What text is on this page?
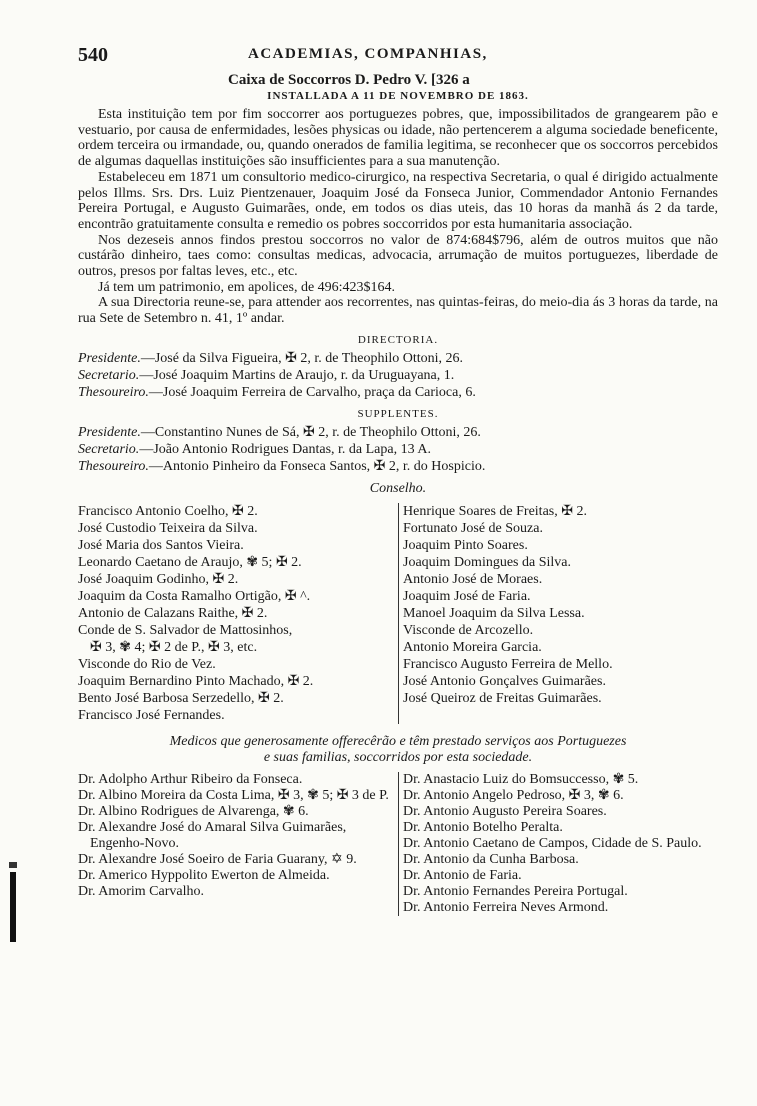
540	ACADEMIAS, COMPANHIAS,
Caixa de Soccorros D. Pedro V. [326 a
INSTALLADA A 11 DE NOVEMBRO DE 1863.

Esta instituição tem por fim soccorrer aos portuguezes pobres, que, impossibilitados de grangearem pão e vestuario, por causa de enfermidades, lesões physicas ou idade, não pertencerem a alguma sociedade beneficente, ordem terceira ou irmandade, ou, quando onerados de familia legitima, se reconhecer que os soccorros percebidos de algumas daquellas instituições são insufficientes para a sua manutenção.

Estabeleceu em 1871 um consultorio medico-cirurgico, na respectiva Secretaria, o qual é dirigido actualmente pelos Illms. Srs. Drs. Luiz Pientzenauer, Joaquim José da Fonseca Junior, Commendador Antonio Fernandes Pereira Portugal, e Augusto Guimarães, onde, em todos os dias uteis, das 10 horas da manhã ás 2 da tarde, encontrão gratuitamente consulta e remedio os pobres soccorridos por esta humanitaria associação.

Nos dezeseis annos findos prestou soccorros no valor de 874:684$796, além de outros muitos que não custárão dinheiro, taes como: consultas medicas, advocacia, arrumação de muitos portuguezes, liberdade de outros, presos por faltas leves, etc., etc.

Já tem um patrimonio, em apolices, de 496:423$164.

A sua Directoria reune-se, para attender aos recorrentes, nas quintas-feiras, do meio-dia ás 3 horas da tarde, na rua Sete de Setembro n. 41, 1º andar.

DIRECTORIA.
Presidente.—José da Silva Figueira, ✠ 2, r. de Theophilo Ottoni, 26.
Secretario.—José Joaquim Martins de Araujo, r. da Uruguayana, 1.
Thesoureiro.—José Joaquim Ferreira de Carvalho, praça da Carioca, 6.
SUPPLENTES.
Presidente.—Constantino Nunes de Sá, ✠ 2, r. de Theophilo Ottoni, 26.
Secretario.—João Antonio Rodrigues Dantas, r. da Lapa, 13 A.
Thesoureiro.—Antonio Pinheiro da Fonseca Santos, ✠ 2, r. do Hospicio.
Conselho.
Francisco Antonio Coelho, ✠ 2.
José Custodio Teixeira da Silva.
José Maria dos Santos Vieira.
Leonardo Caetano de Araujo, ✾ 5; ✠ 2.
José Joaquim Godinho, ✠ 2.
Joaquim da Costa Ramalho Ortigão, ✠ ^.
Antonio de Calazans Raithe, ✠ 2.
Conde de S. Salvador de Mattosinhos,
✠ 3, ✾ 4; ✠ 2 de P., ✠ 3, etc.
Visconde do Rio de Vez.
Joaquim Bernardino Pinto Machado, ✠ 2.
Bento José Barbosa Serzedello, ✠ 2.
Francisco José Fernandes.
Henrique Soares de Freitas, ✠ 2.
Fortunato José de Souza.
Joaquim Pinto Soares.
Joaquim Domingues da Silva.
Antonio José de Moraes.
Joaquim José de Faria.
Manoel Joaquim da Silva Lessa.
Visconde de Arcozello.
Antonio Moreira Garcia.
Francisco Augusto Ferreira de Mello.
José Antonio Gonçalves Guimarães.
José Queiroz de Freitas Guimarães.
Medicos que generosamente offerecêrão e têm prestado serviços aos Portuguezes
e suas familias, soccorridos por esta sociedade.
Dr. Adolpho Arthur Ribeiro da Fonseca.
Dr. Albino Moreira da Costa Lima, ✠ 3, ✾ 5; ✠ 3 de P.
Dr. Albino Rodrigues de Alvarenga, ✾ 6.
Dr. Alexandre José do Amaral Silva Guimarães, Engenho-Novo.
Dr. Alexandre José Soeiro de Faria Guarany, ✡ 9.
Dr. Americo Hyppolito Ewerton de Almeida.
Dr. Amorim Carvalho.
Dr. Anastacio Luiz do Bomsuccesso, ✾ 5.
Dr. Antonio Angelo Pedroso, ✠ 3, ✾ 6.
Dr. Antonio Augusto Pereira Soares.
Dr. Antonio Botelho Peralta.
Dr. Antonio Caetano de Campos, Cidade de S. Paulo.
Dr. Antonio da Cunha Barbosa.
Dr. Antonio de Faria.
Dr. Antonio Fernandes Pereira Portugal.
Dr. Antonio Ferreira Neves Armond.
